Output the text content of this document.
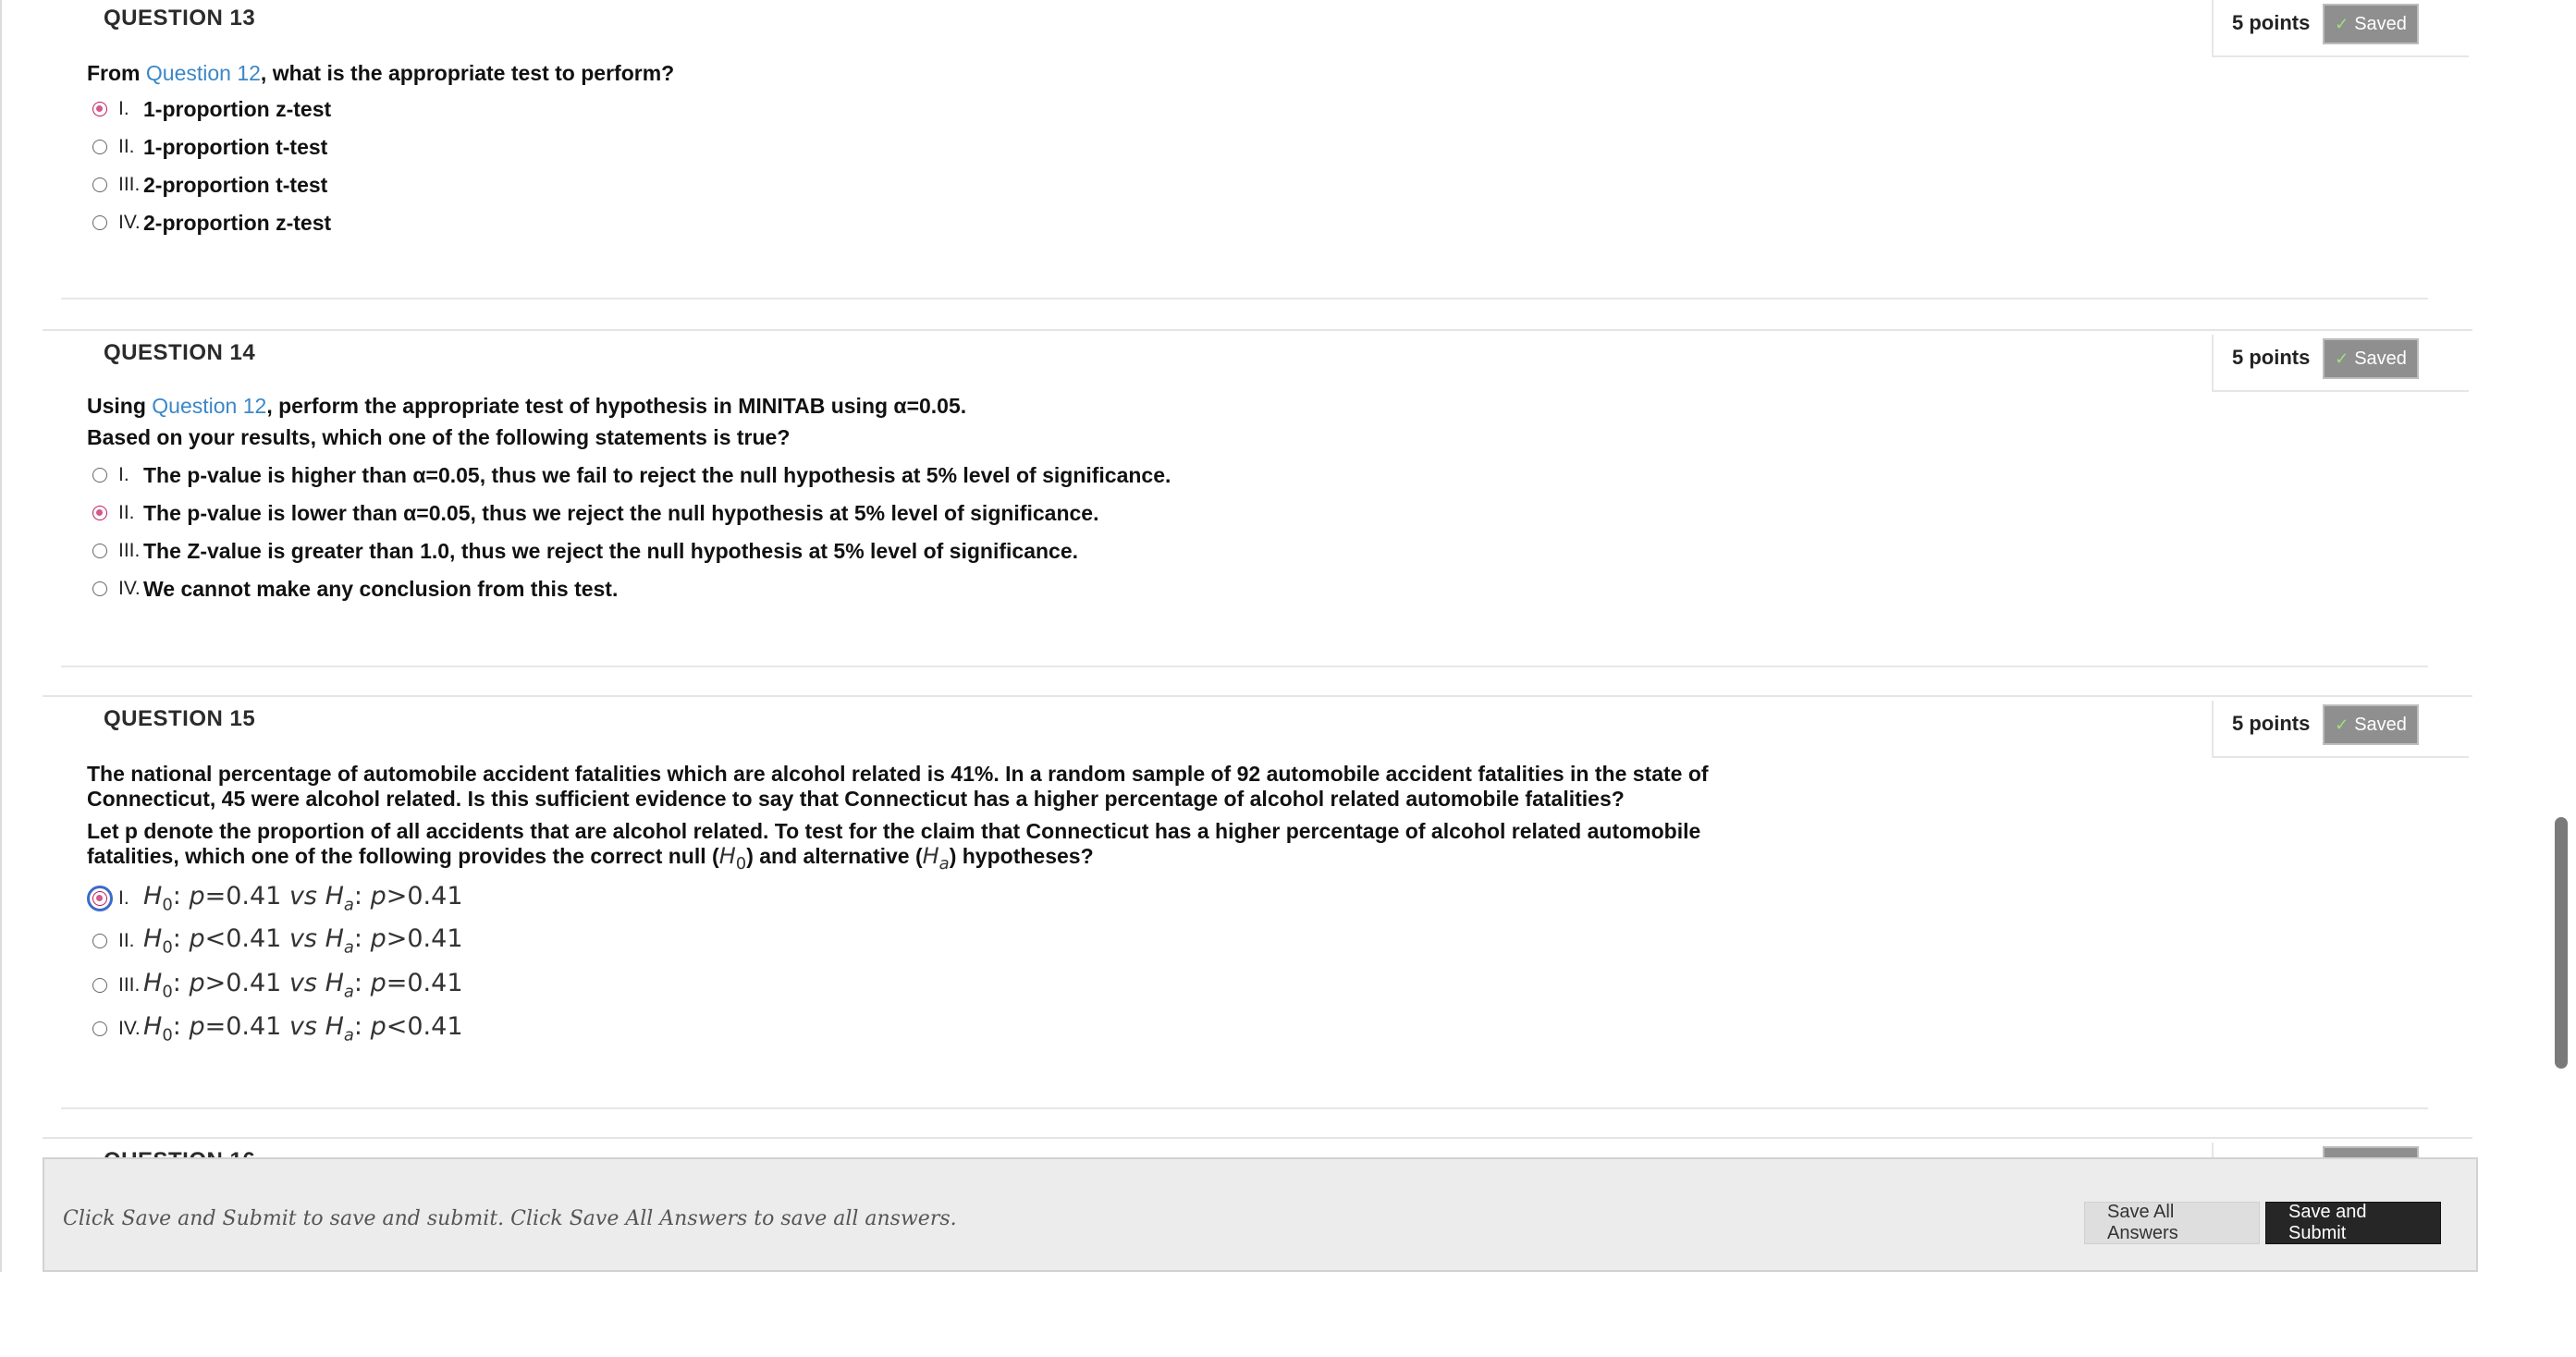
QUESTION 13	5 points ✓ Saved
From Question 12, what is the appropriate test to perform?
I. 1-proportion z-test
II. 1-proportion t-test
III. 2-proportion t-test
IV. 2-proportion z-test
QUESTION 14	5 points ✓ Saved
Using Question 12, perform the appropriate test of hypothesis in MINITAB using α=0.05.
Based on your results, which one of the following statements is true?
I. The p-value is higher than α=0.05, thus we fail to reject the null hypothesis at 5% level of significance.
II. The p-value is lower than α=0.05, thus we reject the null hypothesis at 5% level of significance.
III. The Z-value is greater than 1.0, thus we reject the null hypothesis at 5% level of significance.
IV. We cannot make any conclusion from this test.
QUESTION 15	5 points ✓ Saved
The national percentage of automobile accident fatalities which are alcohol related is 41%. In a random sample of 92 automobile accident fatalities in the state of
Connecticut, 45 were alcohol related. Is this sufficient evidence to say that Connecticut has a higher percentage of alcohol related automobile fatalities?
Let p denote the proportion of all accidents that are alcohol related. To test for the claim that Connecticut has a higher percentage of alcohol related automobile
fatalities, which one of the following provides the correct null $(H_0)$ and alternative $(H_a)$ hypotheses?
I. $H_0$: p=0.41 vs $H_a$: p>0.41
II. $H_0$: p<0.41 vs $H_a$: p>0.41
III. $H_0$: p>0.41 vs $H_a$: p=0.41
IV. $H_0$: p=0.41 vs $H_a$: p<0.41
Click Save and Submit to save and submit. Click Save All Answers to save all answers.	Save All Answers
Save and Submit
